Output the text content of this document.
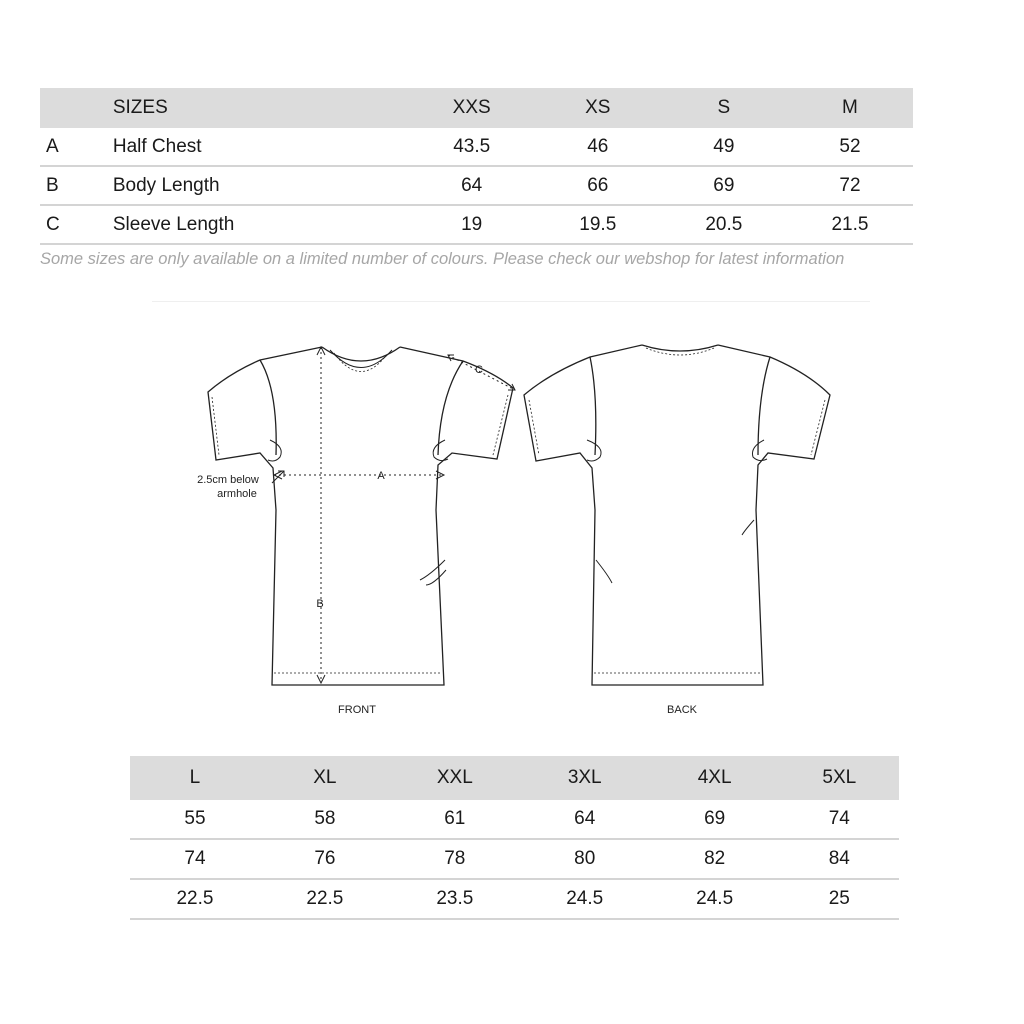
	SIZES	XXS	XS	S	M
A	Half Chest	43.5	46	49	52
B	Body Length	64	66	69	72
C	Sleeve Length	19	19.5	20.5	21.5
Some sizes are only available on a limited number of colours. Please check our webshop for latest information
A
B
C
2.5cm below
armhole
FRONT	BACK
L	XL	XXL	3XL	4XL	5XL
55	58	61	64	69	74
74	76	78	80	82	84
22.5	22.5	23.5	24.5	24.5	25
